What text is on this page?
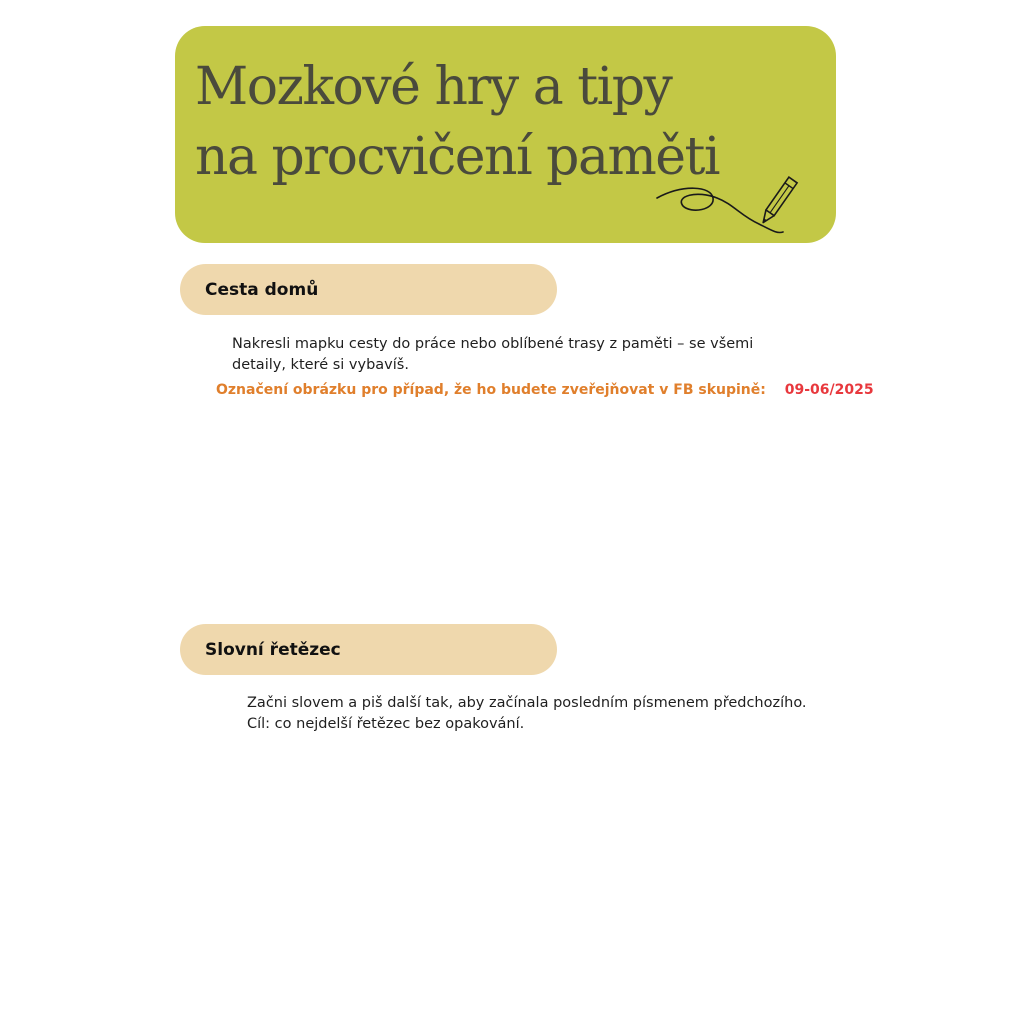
Mozkové hry a tipy
na procvičení paměti
Cesta domů

Nakresli mapku cesty do práce nebo oblíbené trasy z paměti – se všemi detaily, které si vybavíš.

Označení obrázku pro případ, že ho budete zveřejňovat v FB skupině: 09-06/2025
Slovní řetězec

Začni slovem a piš další tak, aby začínala posledním písmenem předchozího. Cíl: co nejdelší řetězec bez opakování.
